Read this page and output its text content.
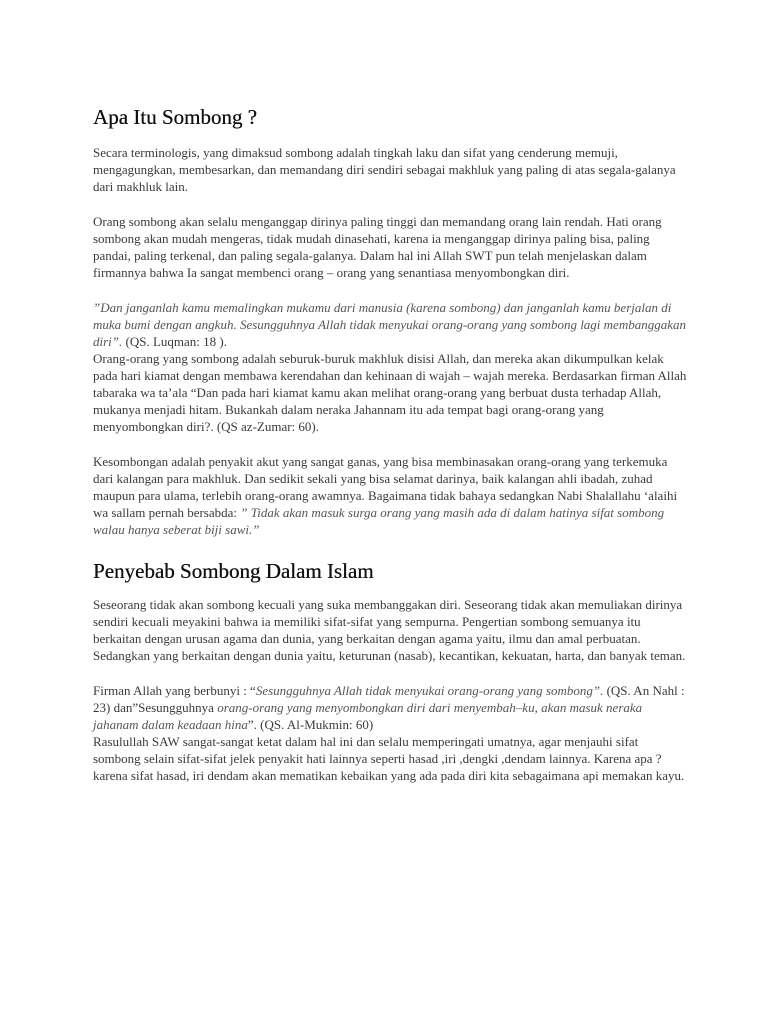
Apa Itu Sombong ?

Secara terminologis, yang dimaksud sombong adalah tingkah laku dan sifat yang cenderung memuji, mengagungkan, membesarkan, dan memandang diri sendiri sebagai makhluk yang paling di atas segala-galanya dari makhluk lain.

Orang sombong akan selalu menganggap dirinya paling tinggi dan memandang orang lain rendah. Hati orang sombong akan mudah mengeras, tidak mudah dinasehati, karena ia menganggap dirinya paling bisa, paling pandai, paling terkenal, dan paling segala-galanya. Dalam hal ini Allah SWT pun telah menjelaskan dalam firmannya bahwa Ia sangat membenci orang – orang yang senantiasa menyombongkan diri.

”Dan janganlah kamu memalingkan mukamu dari manusia (karena sombong) dan janganlah kamu berjalan di muka bumi dengan angkuh. Sesungguhnya Allah tidak menyukai orang-orang yang sombong lagi membanggakan diri”. (QS. Luqman: 18 ).
Orang-orang yang sombong adalah seburuk-buruk makhluk disisi Allah, dan mereka akan dikumpulkan kelak pada hari kiamat dengan membawa kerendahan dan kehinaan di wajah – wajah mereka. Berdasarkan firman Allah tabaraka wa ta’ala “Dan pada hari kiamat kamu akan melihat orang-orang yang berbuat dusta terhadap Allah, mukanya menjadi hitam. Bukankah dalam neraka Jahannam itu ada tempat bagi orang-orang yang menyombongkan diri?. (QS az-Zumar: 60).

Kesombongan adalah penyakit akut yang sangat ganas, yang bisa membinasakan orang-orang yang terkemuka dari kalangan para makhluk. Dan sedikit sekali yang bisa selamat darinya, baik kalangan ahli ibadah, zuhad maupun para ulama, terlebih orang-orang awamnya. Bagaimana tidak bahaya sedangkan Nabi Shalallahu ‘alaihi wa sallam pernah bersabda: ” Tidak akan masuk surga orang yang masih ada di dalam hatinya sifat sombong walau hanya seberat biji sawi.”

Penyebab Sombong Dalam Islam

Seseorang tidak akan sombong kecuali yang suka membanggakan diri. Seseorang tidak akan memuliakan dirinya sendiri kecuali meyakini bahwa ia memiliki sifat-sifat yang sempurna. Pengertian sombong semuanya itu berkaitan dengan urusan agama dan dunia, yang berkaitan dengan agama yaitu, ilmu dan amal perbuatan. Sedangkan yang berkaitan dengan dunia yaitu, keturunan (nasab), kecantikan, kekuatan, harta, dan banyak teman.

Firman Allah yang berbunyi : “Sesungguhnya Allah tidak menyukai orang-orang yang sombong”. (QS. An Nahl : 23) dan”Sesungguhnya orang-orang yang menyombongkan diri dari menyembah–ku, akan masuk neraka jahanam dalam keadaan hina”. (QS. Al-Mukmin: 60)
Rasulullah SAW sangat-sangat ketat dalam hal ini dan selalu memperingati umatnya, agar menjauhi sifat sombong selain sifat-sifat jelek penyakit hati lainnya seperti hasad ,iri ,dengki ,dendam lainnya. Karena apa ? karena sifat hasad, iri dendam akan mematikan kebaikan yang ada pada diri kita sebagaimana api memakan kayu.
